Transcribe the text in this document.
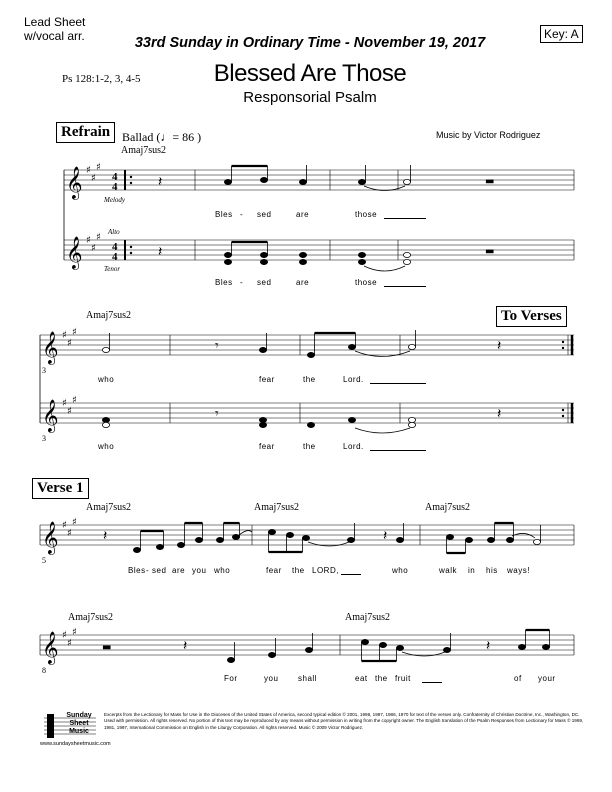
Lead Sheet
w/vocal arr.	33rd Sunday in Ordinary Time - November 19, 2017
Key: A
Ps 128:1-2, 3, 4-5	Blessed Are Those
Responsorial Psalm
Refrain Ballad (♩= 86 )	Music by Victor Rodriguez
To Verses
Verse 1
Amaj7sus2
Amaj7sus2
Amaj7sus2	Amaj7sus2	Amaj7sus2
Amaj7sus2	Amaj7sus2
Melody
Alto
Tenor
3
3
5
8
𝄞
𝄞
𝄞
𝄞
𝄞
𝄞
♯
♯
♯
♯
♯
♯
♯
♯
♯
♯
♯
♯
♯
♯
♯
♯
♯
♯
4
4
4
4
𝄽
𝄽
▬
▬
𝄾
𝄾
𝄽
𝄽
𝄽	𝄽
▬	𝄽	𝄽
Bles - sed	are	those
Bles - sed	are	those
who	fear	the	Lord.
who	fear	the	Lord.
Bles - sed are you who	fear the LORD,	who	walk in his ways!
For	you shall	eat the fruit	of your
Sunday
Sheet
Music
www.sundaysheetmusic.com
Excerpts from the Lectionary for Mass for Use in the Dioceses of the United States of America, second typical edition © 2001, 1998, 1997, 1986, 1970 for text of the verses only. Confraternity of Christian Doctrine, Inc., Washington, DC. Used with permission. All rights reserved. No portion of this text may be reproduced by any means without permission in writing from the copyright owner. The English translation of the Psalm Responses from Lectionary for Mass © 1969, 1981, 1997, International Commission on English in the Liturgy Corporation. All rights reserved. Music © 2009 Victor Rodriguez.
